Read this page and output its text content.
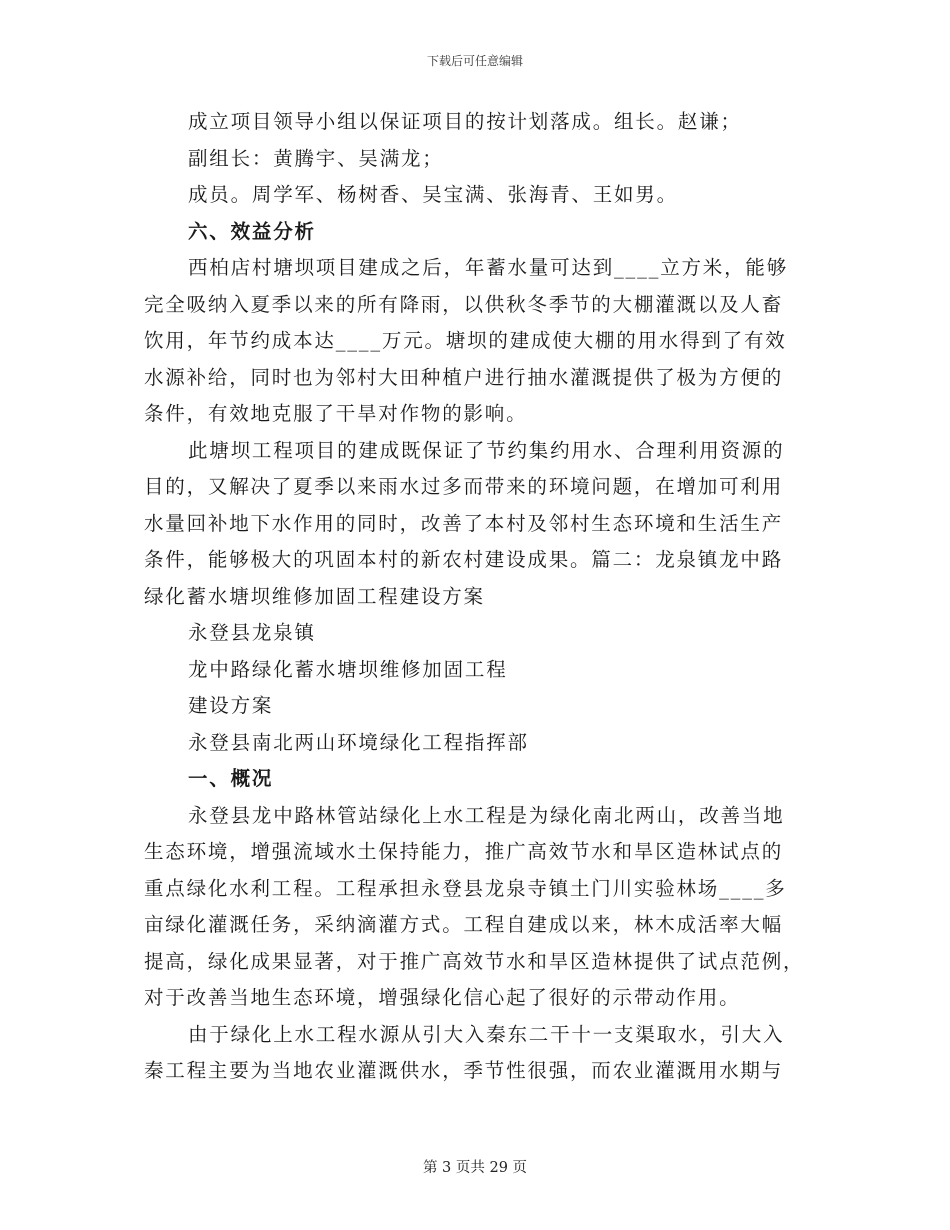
下载后可任意编辑
成立项目领导小组以保证项目的按计划落成。组长。赵谦；
副组长：黄腾宇、吴满龙；
成员。周学军、杨树香、吴宝满、张海青、王如男。
六、效益分析
西柏店村塘坝项目建成之后，年蓄水量可达到____立方米，能够
完全吸纳入夏季以来的所有降雨，以供秋冬季节的大棚灌溉以及人畜
饮用，年节约成本达____万元。塘坝的建成使大棚的用水得到了有效
水源补给，同时也为邻村大田种植户进行抽水灌溉提供了极为方便的
条件，有效地克服了干旱对作物的影响。
此塘坝工程项目的建成既保证了节约集约用水、合理利用资源的
目的，又解决了夏季以来雨水过多而带来的环境问题，在增加可利用
水量回补地下水作用的同时，改善了本村及邻村生态环境和生活生产
条件，能够极大的巩固本村的新农村建设成果。篇二：龙泉镇龙中路
绿化蓄水塘坝维修加固工程建设方案
永登县龙泉镇
龙中路绿化蓄水塘坝维修加固工程
建设方案
永登县南北两山环境绿化工程指挥部
一、概况
永登县龙中路林管站绿化上水工程是为绿化南北两山，改善当地
生态环境，增强流域水土保持能力，推广高效节水和旱区造林试点的
重点绿化水利工程。工程承担永登县龙泉寺镇土门川实验林场____多
亩绿化灌溉任务，采纳滴灌方式。工程自建成以来，林木成活率大幅
提高，绿化成果显著，对于推广高效节水和旱区造林提供了试点范例，
对于改善当地生态环境，增强绿化信心起了很好的示带动作用。
由于绿化上水工程水源从引大入秦东二干十一支渠取水，引大入
秦工程主要为当地农业灌溉供水，季节性很强，而农业灌溉用水期与
第 3 页共 29 页
